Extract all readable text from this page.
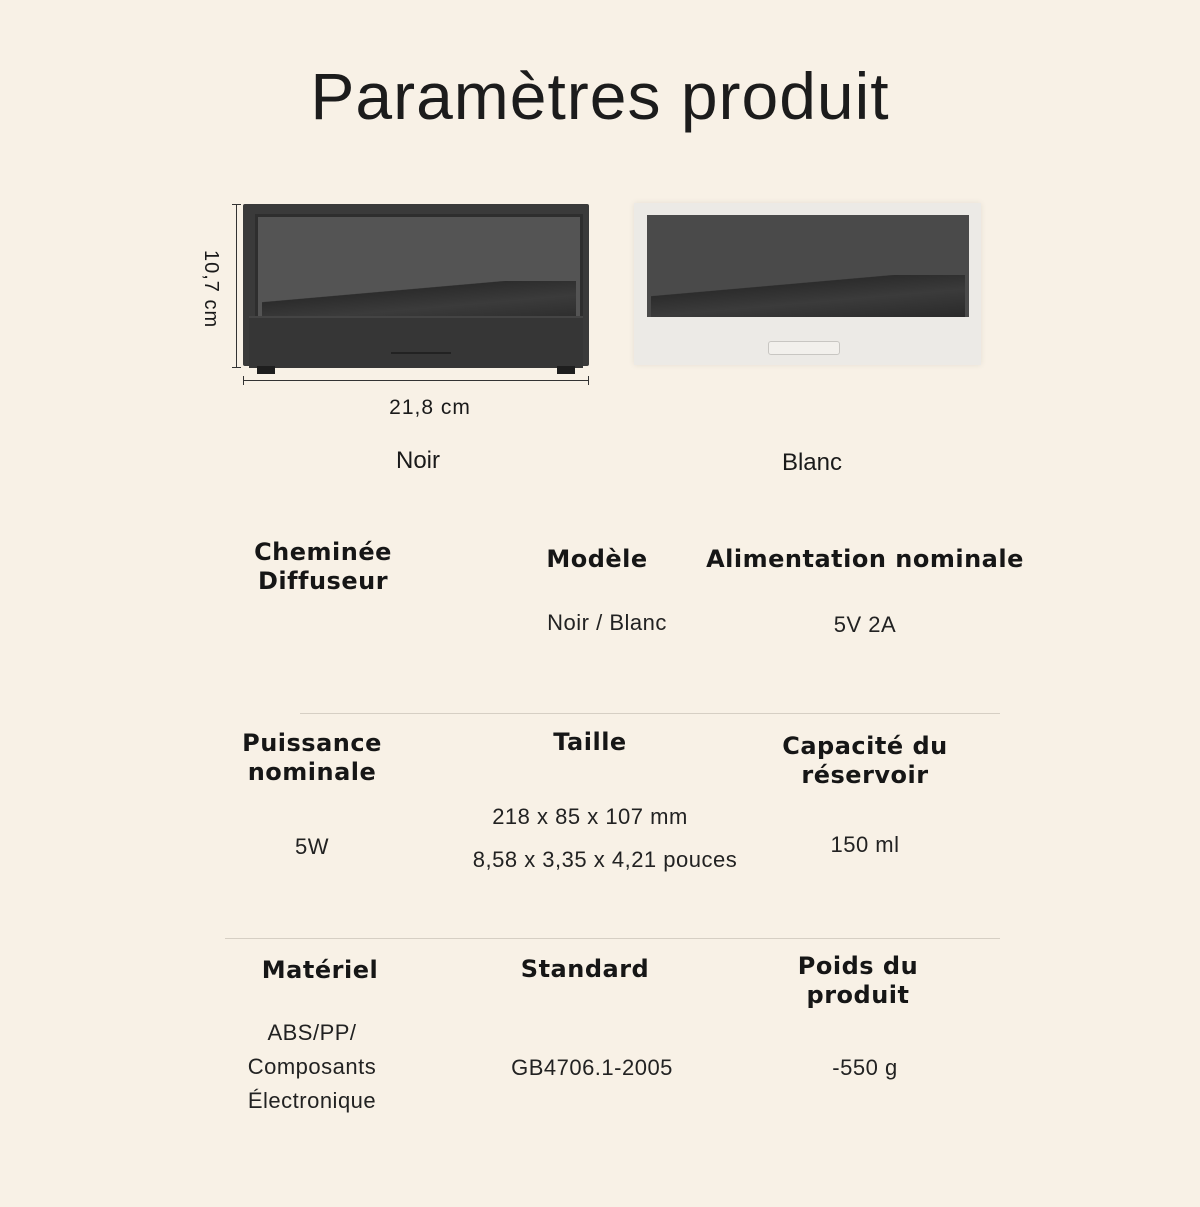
Paramètres produit
10,7 cm
21,8 cm
Noir	Blanc
Cheminée Diffuseur
Modèle
Noir / Blanc
Alimentation nominale
5V 2A
Puissance nominale
5W
Taille
218 x 85 x 107 mm
8,58 x 3,35 x 4,21 pouces
Capacité du réservoir
150 ml
Matériel
ABS/PP/
Composants
Électronique
Standard
GB4706.1-2005
Poids du produit
-550 g
